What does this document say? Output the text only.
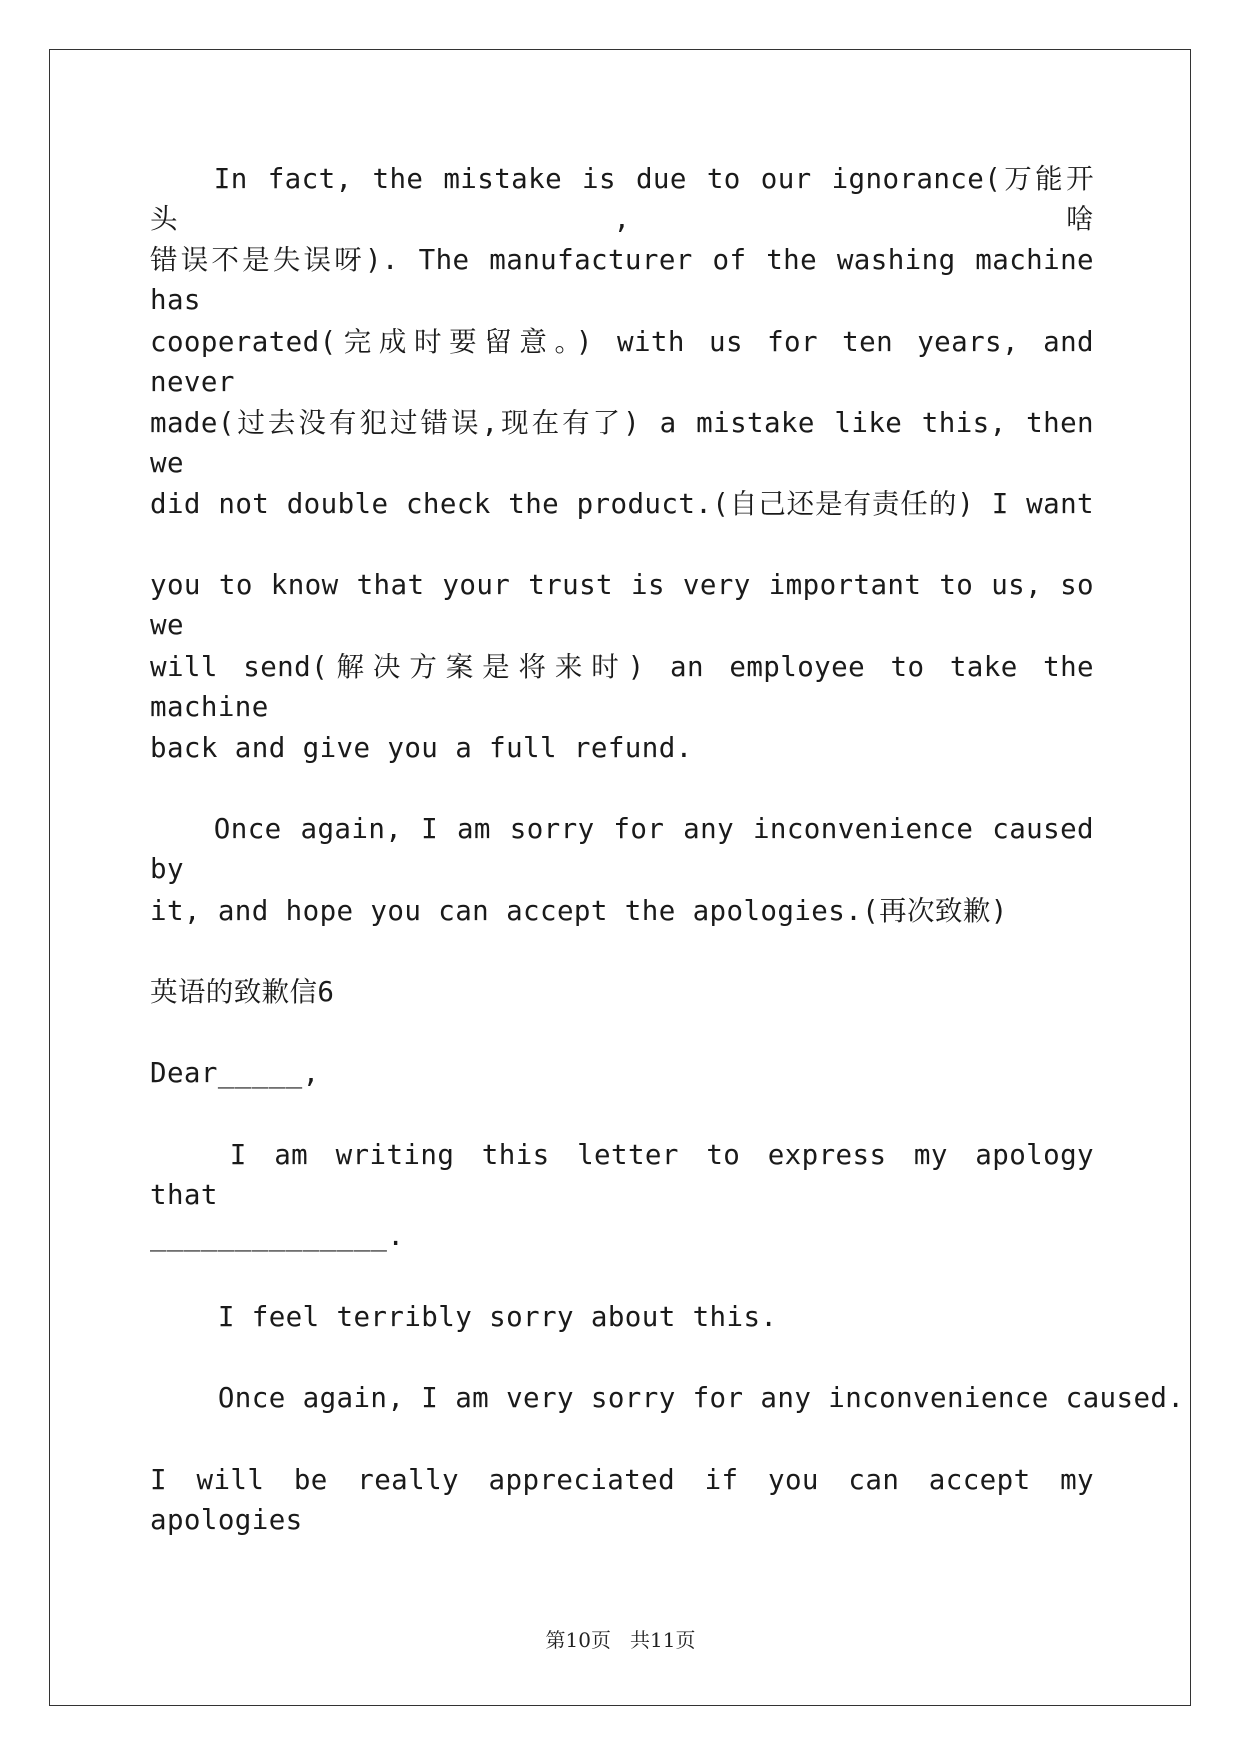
In fact, the mistake is due to our ignorance(万能开头,啥
错误不是失误呀). The manufacturer of the washing machine has
cooperated(完成时要留意。) with us for ten years, and never
made(过去没有犯过错误,现在有了) a mistake like this, then we
did not double check the product.(自己还是有责任的) I want
you to know that your trust is very important to us, so we
will send(解决方案是将来时) an employee to take the machine
back and give you a full refund.
Once again, I am sorry for any inconvenience caused by
it, and hope you can accept the apologies.(再次致歉)
英语的致歉信6
Dear_____,
I am writing this letter to express my apology that
______________.
I feel terribly sorry about this.
Once again, I am very sorry for any inconvenience caused.
I will be really appreciated if you can accept my apologies
第10页   共11页
